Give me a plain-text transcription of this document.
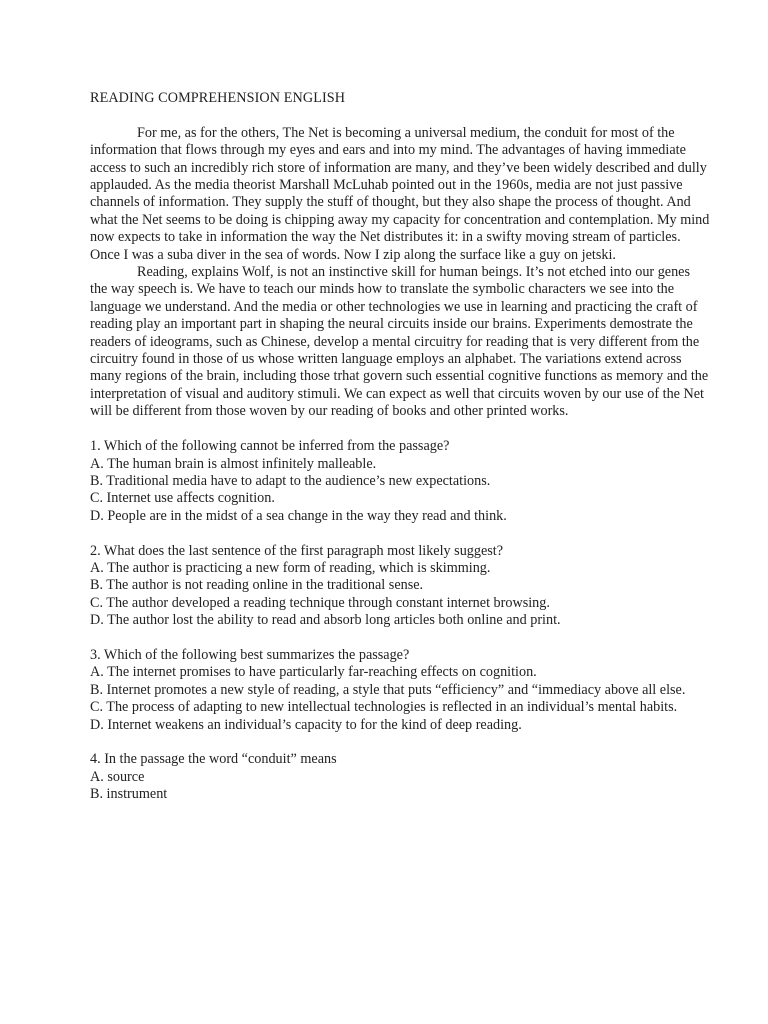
READING COMPREHENSION ENGLISH

For me, as for the others, The Net is becoming a universal medium, the conduit for most of the information that flows through my eyes and ears and into my mind. The advantages of having immediate access to such an incredibly rich store of information are many, and they’ve been widely described and dully applauded. As the media theorist Marshall McLuhab pointed out in the 1960s, media are not just passive channels of information. They supply the stuff of thought, but they also shape the process of thought. And what the Net seems to be doing is chipping away my capacity for concentration and contemplation. My mind now expects to take in information the way the Net distributes it: in a swifty moving stream of particles. Once I was a suba diver in the sea of words. Now I zip along the surface like a guy on jetski.

Reading, explains Wolf, is not an instinctive skill for human beings. It’s not etched into our genes the way speech is. We have to teach our minds how to translate the symbolic characters we see into the language we understand. And the media or other technologies we use in learning and practicing the craft of reading play an important part in shaping the neural circuits inside our brains. Experiments demostrate the readers of ideograms, such as Chinese, develop a mental circuitry for reading that is very different from the circuitry found in those of us whose written language employs an alphabet. The variations extend across many regions of the brain, including those trhat govern such essential cognitive functions as memory and the interpretation of visual and auditory stimuli. We can expect as well that circuits woven by our use of the Net will be different from those woven by our reading of books and other printed works.

1. Which of the following cannot be inferred from the passage?

A. The human brain is almost infinitely malleable.

B. Traditional media have to adapt to the audience’s new expectations.

C. Internet use affects cognition.

D. People are in the midst of a sea change in the way they read and think.

2. What does the last sentence of the first paragraph most likely suggest?

A. The author is practicing a new form of reading, which is skimming.

B. The author is not reading online in the traditional sense.

C. The author developed a reading technique through constant internet browsing.

D. The author lost the ability to read and absorb long articles both online and print.

3. Which of the following best summarizes the passage?

A. The internet promises to have particularly far-reaching effects on cognition.

B. Internet promotes a new style of reading, a style that puts “efficiency” and “immediacy above all else.

C. The process of adapting to new intellectual technologies is reflected in an individual’s mental habits.

D. Internet weakens an individual’s capacity to for the kind of deep reading.

4. In the passage the word “conduit” means

A. source

B. instrument
